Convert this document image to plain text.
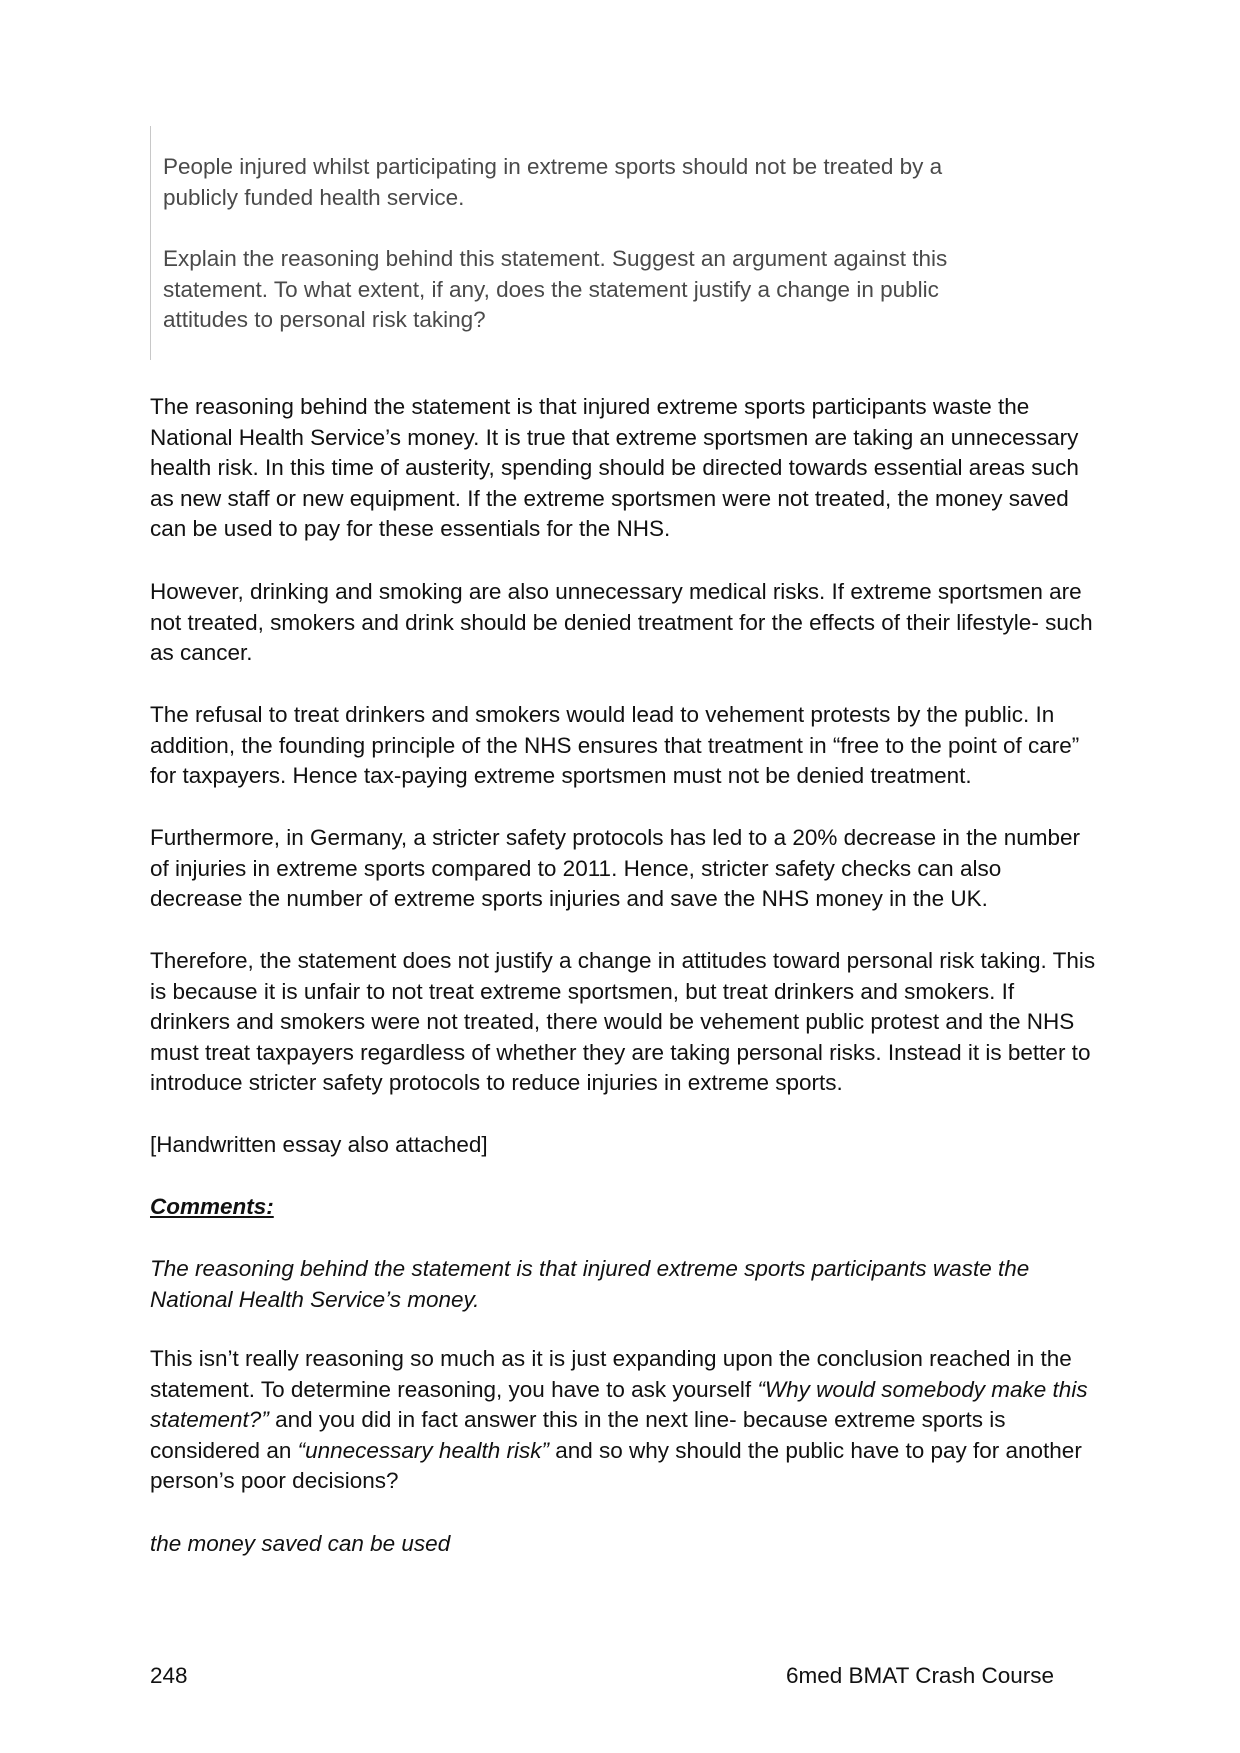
People injured whilst participating in extreme sports should not be treated by a publicly funded health service.

Explain the reasoning behind this statement. Suggest an argument against this statement. To what extent, if any, does the statement justify a change in public attitudes to personal risk taking?

The reasoning behind the statement is that injured extreme sports participants waste the National Health Service’s money. It is true that extreme sportsmen are taking an unnecessary health risk. In this time of austerity, spending should be directed towards essential areas such as new staff or new equipment. If the extreme sportsmen were not treated, the money saved can be used to pay for these essentials for the NHS.

However, drinking and smoking are also unnecessary medical risks. If extreme sportsmen are not treated, smokers and drink should be denied treatment for the effects of their lifestyle- such as cancer.

The refusal to treat drinkers and smokers would lead to vehement protests by the public. In addition, the founding principle of the NHS ensures that treatment in “free to the point of care” for taxpayers. Hence tax-paying extreme sportsmen must not be denied treatment.

Furthermore, in Germany, a stricter safety protocols has led to a 20% decrease in the number of injuries in extreme sports compared to 2011. Hence, stricter safety checks can also decrease the number of extreme sports injuries and save the NHS money in the UK.

Therefore, the statement does not justify a change in attitudes toward personal risk taking. This is because it is unfair to not treat extreme sportsmen, but treat drinkers and smokers. If drinkers and smokers were not treated, there would be vehement public protest and the NHS must treat taxpayers regardless of whether they are taking personal risks. Instead it is better to introduce stricter safety protocols to reduce injuries in extreme sports.

[Handwritten essay also attached]

Comments:

The reasoning behind the statement is that injured extreme sports participants waste the National Health Service’s money.

This isn’t really reasoning so much as it is just expanding upon the conclusion reached in the statement. To determine reasoning, you have to ask yourself “Why would somebody make this statement?” and you did in fact answer this in the next line- because extreme sports is considered an “unnecessary health risk” and so why should the public have to pay for another person’s poor decisions?

the money saved can be used

248	6med BMAT Crash Course
